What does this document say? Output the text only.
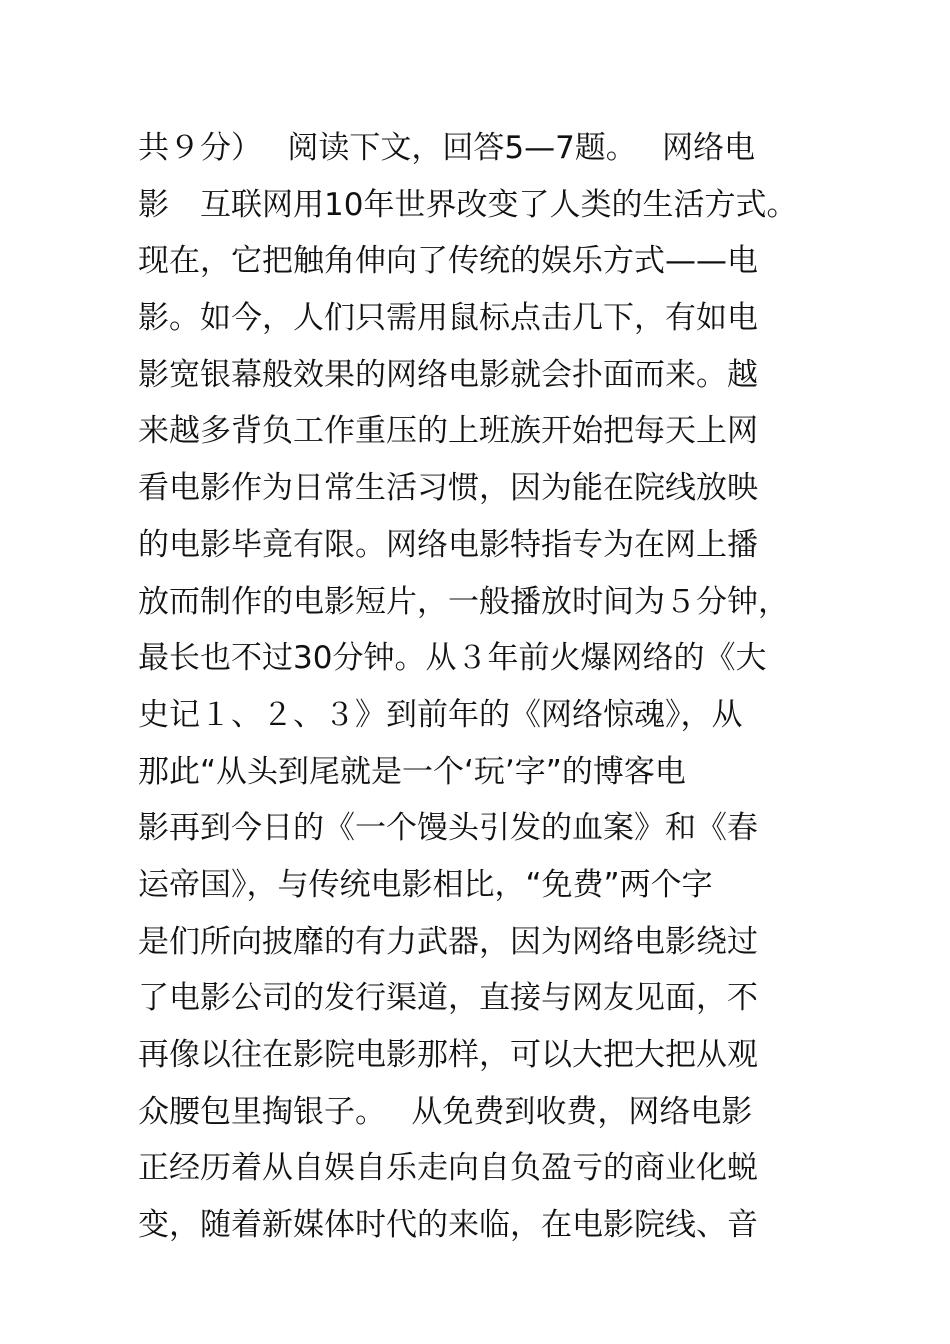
共９分）　 阅读下文，回答5—7题。　 网络电
影　互联网用10年世界改变了人类的生活方式。
现在，它把触角伸向了传统的娱乐方式——电
影。如今，人们只需用鼠标点击几下，有如电
影宽银幕般效果的网络电影就会扑面而来。越
来越多背负工作重压的上班族开始把每天上网
看电影作为日常生活习惯，因为能在院线放映
的电影毕竟有限。网络电影特指专为在网上播
放而制作的电影短片，一般播放时间为５分钟，
最长也不过30分钟。从３年前火爆网络的《大
史记１、２、３》到前年的《网络惊魂》，从
那此“从头到尾就是一个‘玩’字”的博客电
影再到今日的《一个馒头引发的血案》和《春
运帝国》，与传统电影相比，“免费”两个字
是们所向披靡的有力武器，因为网络电影绕过
了电影公司的发行渠道，直接与网友见面，不
再像以往在影院电影那样，可以大把大把从观
众腰包里掏银子。　 从免费到收费，网络电影
正经历着从自娱自乐走向自负盈亏的商业化蜕
变，随着新媒体时代的来临，在电影院线、音
